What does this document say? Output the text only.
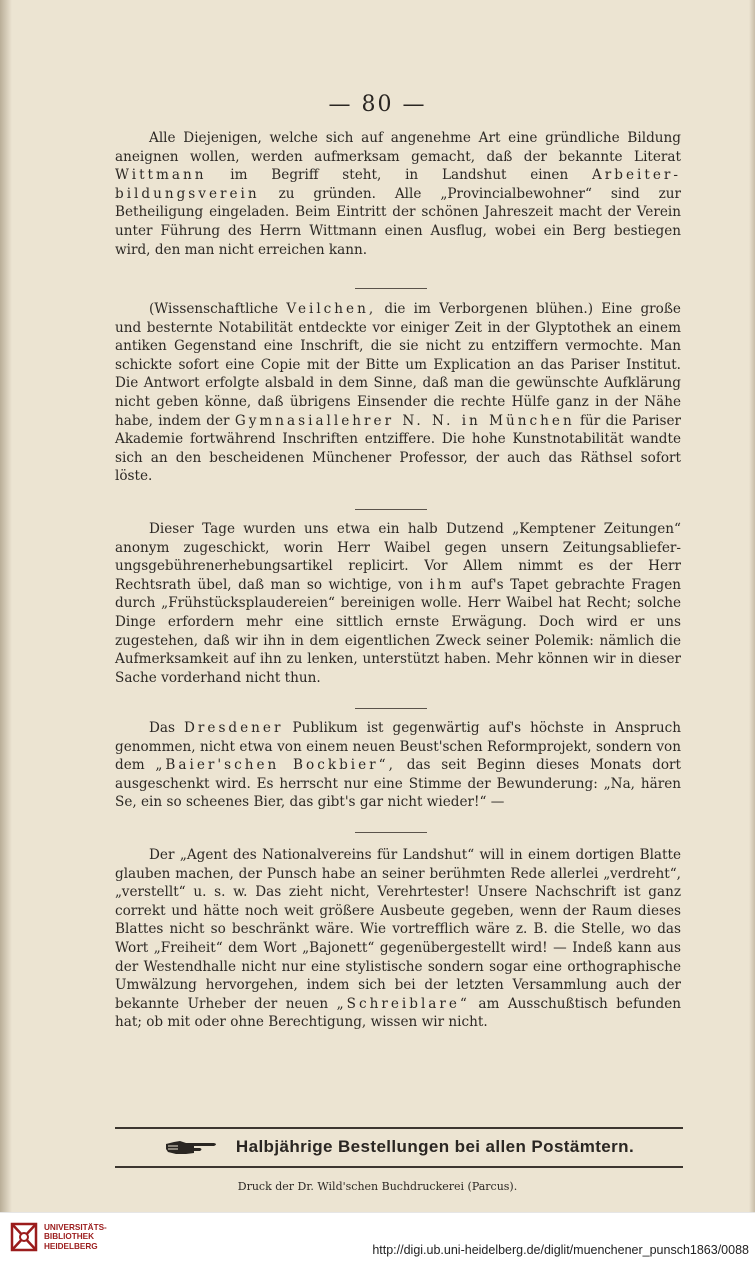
— 80 —

Alle Diejenigen, welche sich auf angenehme Art eine gründliche Bildung aneignen wollen, werden aufmerksam gemacht, daß der bekannte Literat Wittmann im Begriff steht, in Landshut einen Arbeiter-bildungsverein zu gründen. Alle „Provincialbewohner“ sind zur Betheiligung eingeladen. Beim Eintritt der schönen Jahreszeit macht der Verein unter Führung des Herrn Wittmann einen Ausflug, wobei ein Berg bestiegen wird, den man nicht erreichen kann.

(Wissenschaftliche Veilchen, die im Verborgenen blühen.) Eine große und besternte Notabilität entdeckte vor einiger Zeit in der Glyptothek an einem antiken Gegenstand eine Inschrift, die sie nicht zu entziffern vermochte. Man schickte sofort eine Copie mit der Bitte um Explication an das Pariser Institut. Die Antwort erfolgte alsbald in dem Sinne, daß man die gewünschte Aufklärung nicht geben könne, daß übrigens Einsender die rechte Hülfe ganz in der Nähe habe, indem der Gymnasiallehrer N. N. in München für die Pariser Akademie fortwährend Inschriften entziffere. Die hohe Kunstnotabilität wandte sich an den bescheidenen Münchener Professor, der auch das Räthsel sofort löste.

Dieser Tage wurden uns etwa ein halb Dutzend „Kemptener Zeitungen“ anonym zugeschickt, worin Herr Waibel gegen unsern Zeitungsabliefer-ungsgebührenerhebungsartikel replicirt. Vor Allem nimmt es der Herr Rechtsrath übel, daß man so wichtige, von ihm auf's Tapet gebrachte Fragen durch „Frühstücksplaudereien“ bereinigen wolle. Herr Waibel hat Recht; solche Dinge erfordern mehr eine sittlich ernste Erwägung. Doch wird er uns zugestehen, daß wir ihn in dem eigentlichen Zweck seiner Polemik: nämlich die Aufmerksamkeit auf ihn zu lenken, unterstützt haben. Mehr können wir in dieser Sache vorderhand nicht thun.

Das Dresdener Publikum ist gegenwärtig auf's höchste in Anspruch genommen, nicht etwa von einem neuen Beust'schen Reformprojekt, sondern von dem „Baier'schen Bockbier“, das seit Beginn dieses Monats dort ausgeschenkt wird. Es herrscht nur eine Stimme der Bewunderung: „Na, hären Se, ein so scheenes Bier, das gibt's gar nicht wieder!“ —

Der „Agent des Nationalvereins für Landshut“ will in einem dortigen Blatte glauben machen, der Punsch habe an seiner berühmten Rede allerlei „verdreht“, „verstellt“ u. s. w. Das zieht nicht, Verehrtester! Unsere Nachschrift ist ganz correkt und hätte noch weit größere Ausbeute gegeben, wenn der Raum dieses Blattes nicht so beschränkt wäre. Wie vortrefflich wäre z. B. die Stelle, wo das Wort „Freiheit“ dem Wort „Bajonett“ gegenübergestellt wird! — Indeß kann aus der Westendhalle nicht nur eine stylistische sondern sogar eine orthographische Umwälzung hervorgehen, indem sich bei der letzten Versammlung auch der bekannte Urheber der neuen „Schreiblare“ am Ausschußtisch befunden hat; ob mit oder ohne Berechtigung, wissen wir nicht.

Halbjährige Bestellungen bei allen Postämtern.
Druck der Dr. Wild'schen Buchdruckerei (Parcus).
UNIVERSITÄTS-
BIBLIOTHEK
HEIDELBERG	http://digi.ub.uni-heidelberg.de/diglit/muenchener_punsch1863/0088
